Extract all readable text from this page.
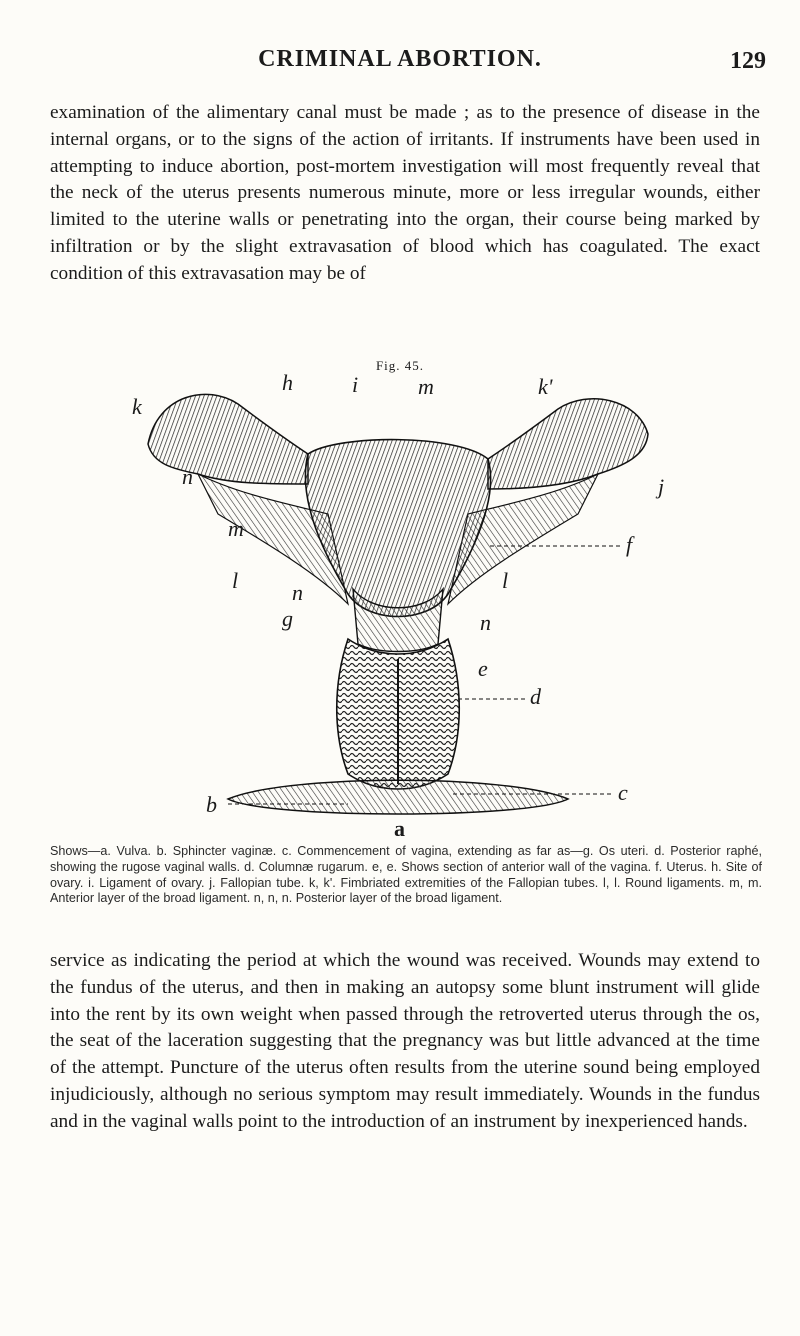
CRIMINAL ABORTION.	129

examination of the alimentary canal must be made ; as to the presence of disease in the internal organs, or to the signs of the action of irritants. If instruments have been used in attempting to induce abortion, post-mortem investigation will most frequently reveal that the neck of the uterus presents numerous minute, more or less irregular wounds, either limited to the uterine walls or penetrating into the organ, their course being marked by infiltration or by the slight extravasation of blood which has coagulated. The exact condition of this extravasation may be of

Fig. 45.
h	i	m	k'
k
n	j
m
f
l	l
n
g	n
e
d
b	c
a

Shows—a. Vulva. b. Sphincter vaginæ. c. Commencement of vagina, extending as far as—g. Os uteri. d. Posterior raphé, showing the rugose vaginal walls. d. Columnæ rugarum. e, e. Shows section of anterior wall of the vagina. f. Uterus. h. Site of ovary. i. Ligament of ovary. j. Fallopian tube. k, k'. Fimbriated extremities of the Fallopian tubes. l, l. Round ligaments. m, m. Anterior layer of the broad ligament. n, n, n. Posterior layer of the broad ligament.

service as indicating the period at which the wound was received. Wounds may extend to the fundus of the uterus, and then in making an autopsy some blunt instrument will glide into the rent by its own weight when passed through the retroverted uterus through the os, the seat of the laceration suggesting that the pregnancy was but little advanced at the time of the attempt. Puncture of the uterus often results from the uterine sound being employed injudiciously, although no serious symptom may result immediately. Wounds in the fundus and in the vaginal walls point to the introduction of an instrument by inexperienced hands.
